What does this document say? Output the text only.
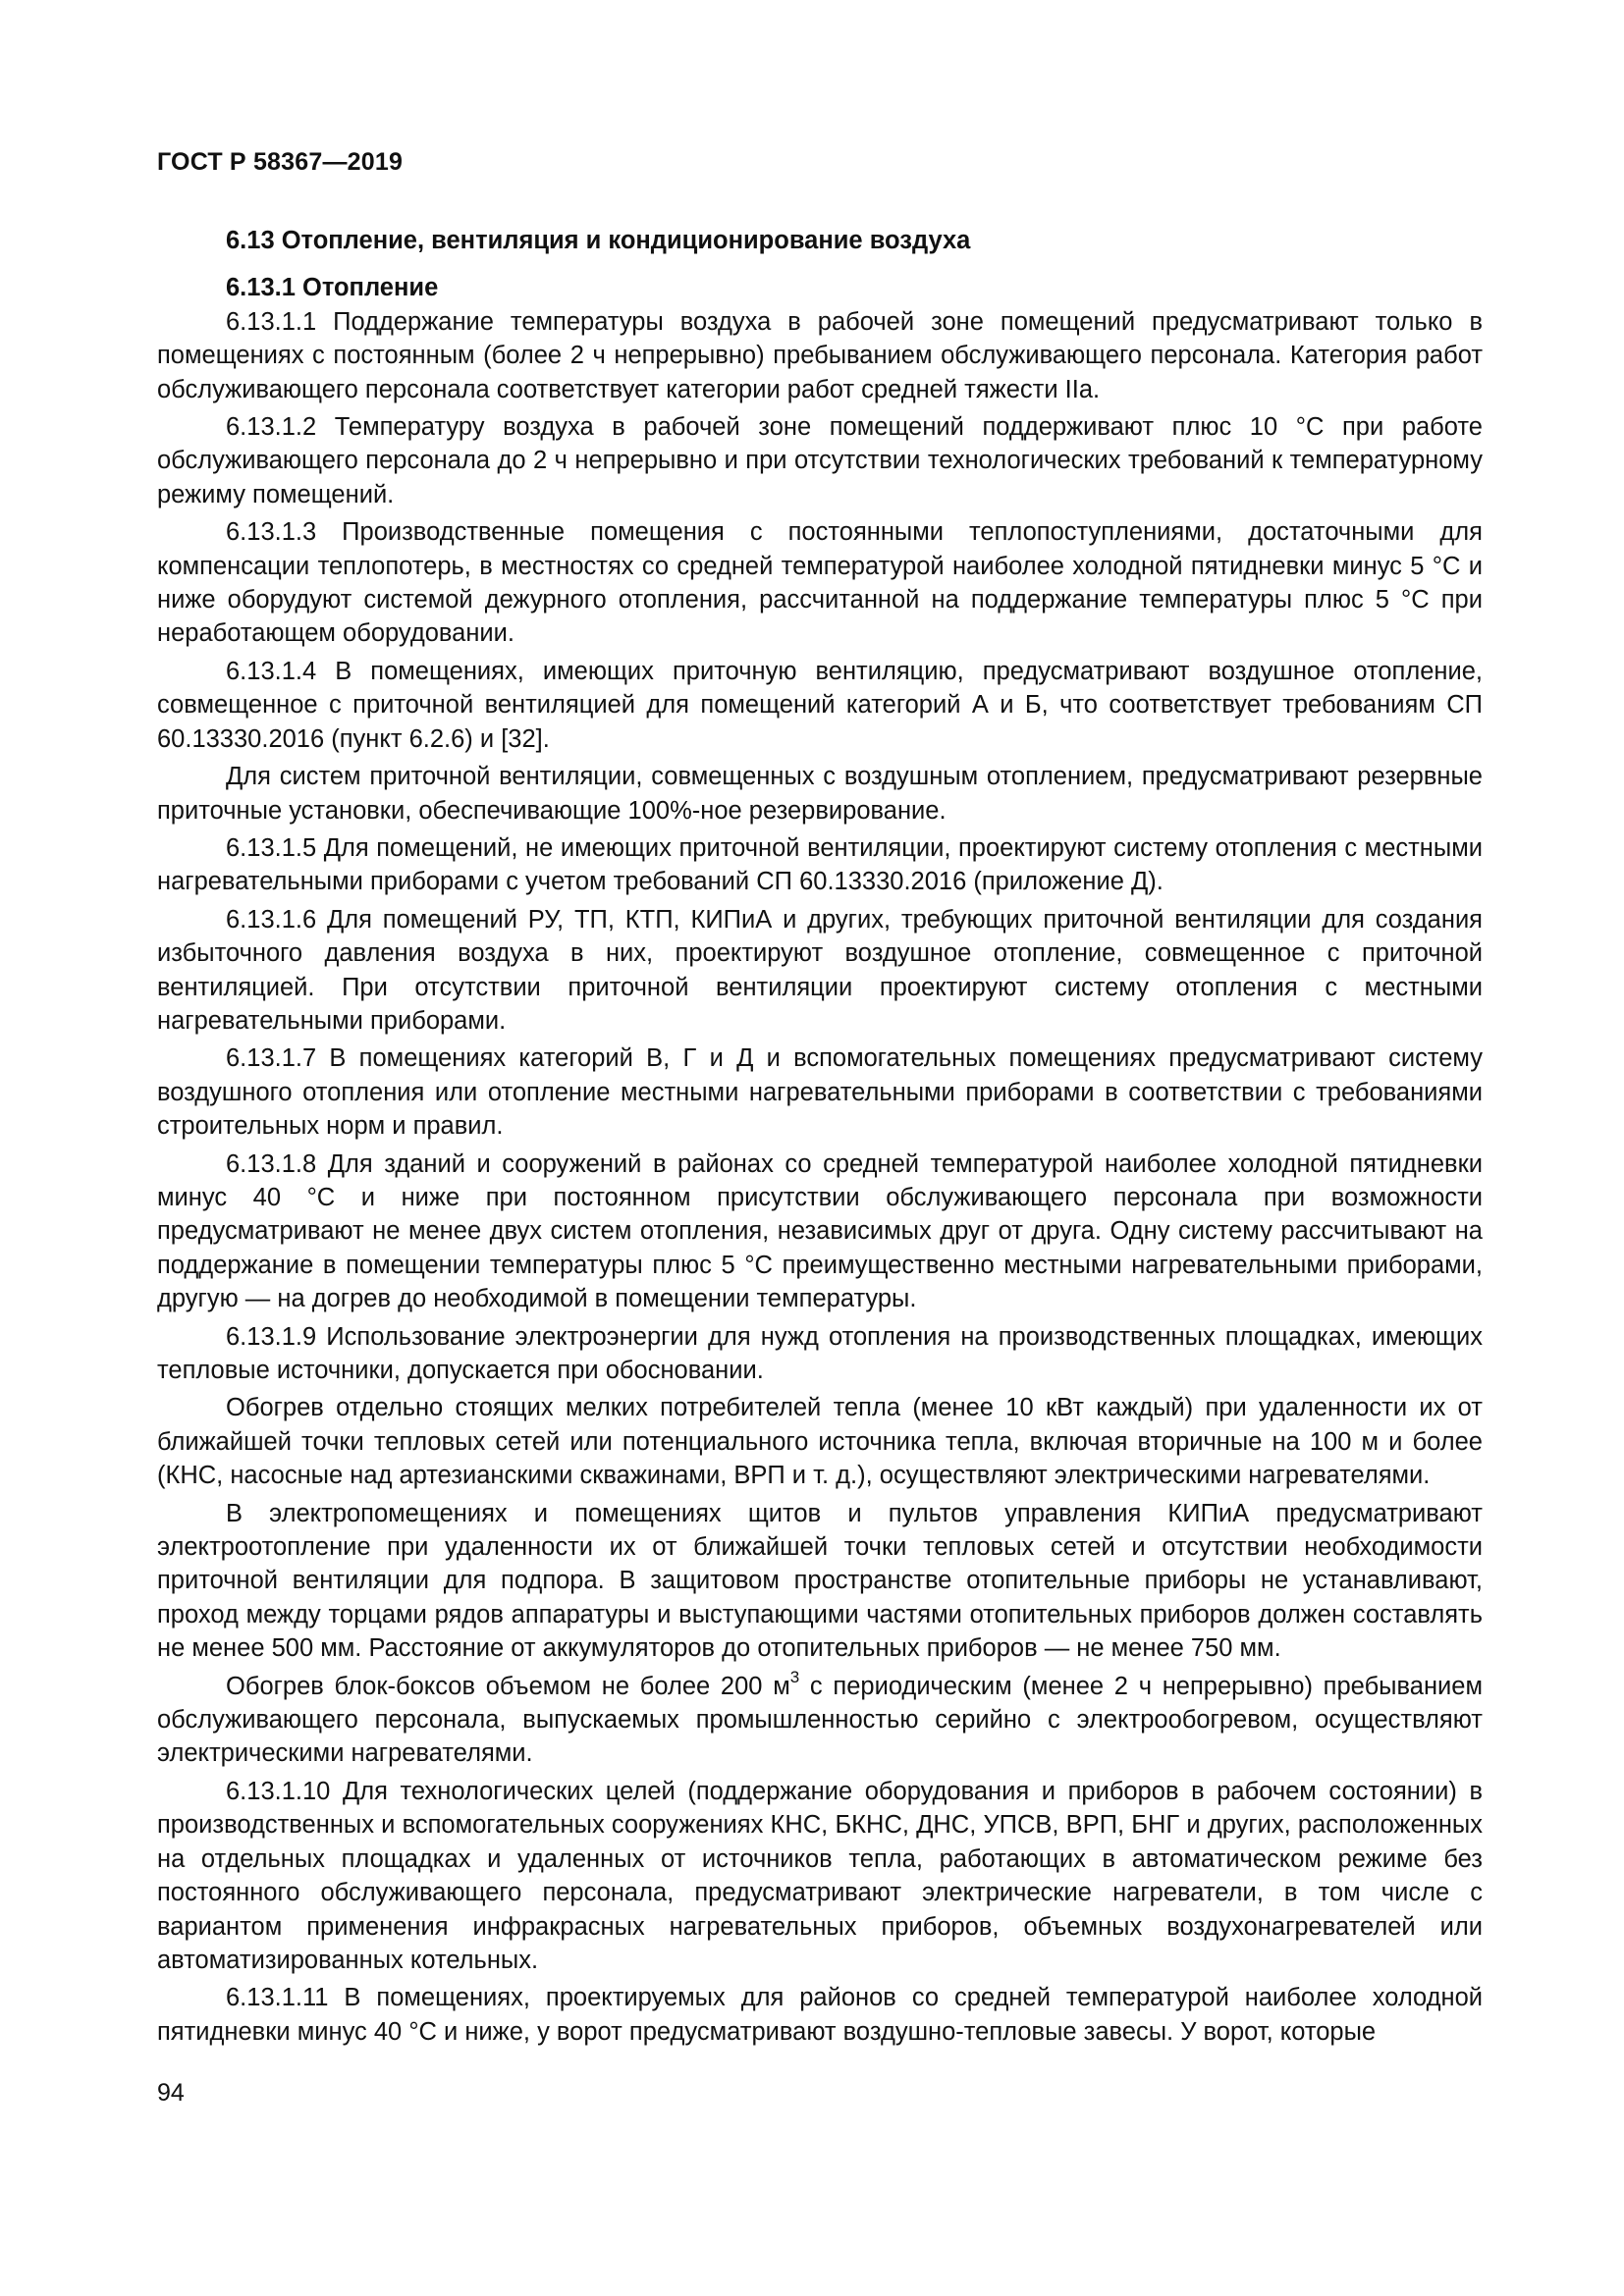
ГОСТ Р 58367—2019
6.13 Отопление, вентиляция и кондиционирование воздуха
6.13.1 Отопление

6.13.1.1 Поддержание температуры воздуха в рабочей зоне помещений предусматривают только в помещениях с постоянным (более 2 ч непрерывно) пребыванием обслуживающего персонала. Категория работ обслуживающего персонала соответствует категории работ средней тяжести IIa.

6.13.1.2 Температуру воздуха в рабочей зоне помещений поддерживают плюс 10 °С при работе обслуживающего персонала до 2 ч непрерывно и при отсутствии технологических требований к температурному режиму помещений.

6.13.1.3 Производственные помещения с постоянными теплопоступлениями, достаточными для компенсации теплопотерь, в местностях со средней температурой наиболее холодной пятидневки минус 5 °С и ниже оборудуют системой дежурного отопления, рассчитанной на поддержание температуры плюс 5 °С при неработающем оборудовании.

6.13.1.4 В помещениях, имеющих приточную вентиляцию, предусматривают воздушное отопление, совмещенное с приточной вентиляцией для помещений категорий А и Б, что соответствует требованиям СП 60.13330.2016 (пункт 6.2.6) и [32].

Для систем приточной вентиляции, совмещенных с воздушным отоплением, предусматривают резервные приточные установки, обеспечивающие 100%-ное резервирование.

6.13.1.5 Для помещений, не имеющих приточной вентиляции, проектируют систему отопления с местными нагревательными приборами с учетом требований СП 60.13330.2016 (приложение Д).

6.13.1.6 Для помещений РУ, ТП, КТП, КИПиА и других, требующих приточной вентиляции для создания избыточного давления воздуха в них, проектируют воздушное отопление, совмещенное с приточной вентиляцией. При отсутствии приточной вентиляции проектируют систему отопления с местными нагревательными приборами.

6.13.1.7 В помещениях категорий В, Г и Д и вспомогательных помещениях предусматривают систему воздушного отопления или отопление местными нагревательными приборами в соответствии с требованиями строительных норм и правил.

6.13.1.8 Для зданий и сооружений в районах со средней температурой наиболее холодной пятидневки минус 40 °С и ниже при постоянном присутствии обслуживающего персонала при возможности предусматривают не менее двух систем отопления, независимых друг от друга. Одну систему рассчитывают на поддержание в помещении температуры плюс 5 °С преимущественно местными нагревательными приборами, другую — на догрев до необходимой в помещении температуры.

6.13.1.9 Использование электроэнергии для нужд отопления на производственных площадках, имеющих тепловые источники, допускается при обосновании.

Обогрев отдельно стоящих мелких потребителей тепла (менее 10 кВт каждый) при удаленности их от ближайшей точки тепловых сетей или потенциального источника тепла, включая вторичные на 100 м и более (КНС, насосные над артезианскими скважинами, ВРП и т. д.), осуществляют электрическими нагревателями.

В электропомещениях и помещениях щитов и пультов управления КИПиА предусматривают электроотопление при удаленности их от ближайшей точки тепловых сетей и отсутствии необходимости приточной вентиляции для подпора. В защитовом пространстве отопительные приборы не устанавливают, проход между торцами рядов аппаратуры и выступающими частями отопительных приборов должен составлять не менее 500 мм. Расстояние от аккумуляторов до отопительных приборов — не менее 750 мм.

Обогрев блок-боксов объемом не более 200 $м^3$ с периодическим (менее 2 ч непрерывно) пребыванием обслуживающего персонала, выпускаемых промышленностью серийно с электрообогревом, осуществляют электрическими нагревателями.

6.13.1.10 Для технологических целей (поддержание оборудования и приборов в рабочем состоянии) в производственных и вспомогательных сооружениях КНС, БКНС, ДНС, УПСВ, ВРП, БНГ и других, расположенных на отдельных площадках и удаленных от источников тепла, работающих в автоматическом режиме без постоянного обслуживающего персонала, предусматривают электрические нагреватели, в том числе с вариантом применения инфракрасных нагревательных приборов, объемных воздухонагревателей или автоматизированных котельных.

6.13.1.11 В помещениях, проектируемых для районов со средней температурой наиболее холодной пятидневки минус 40 °С и ниже, у ворот предусматривают воздушно-тепловые завесы. У ворот, которые

94
